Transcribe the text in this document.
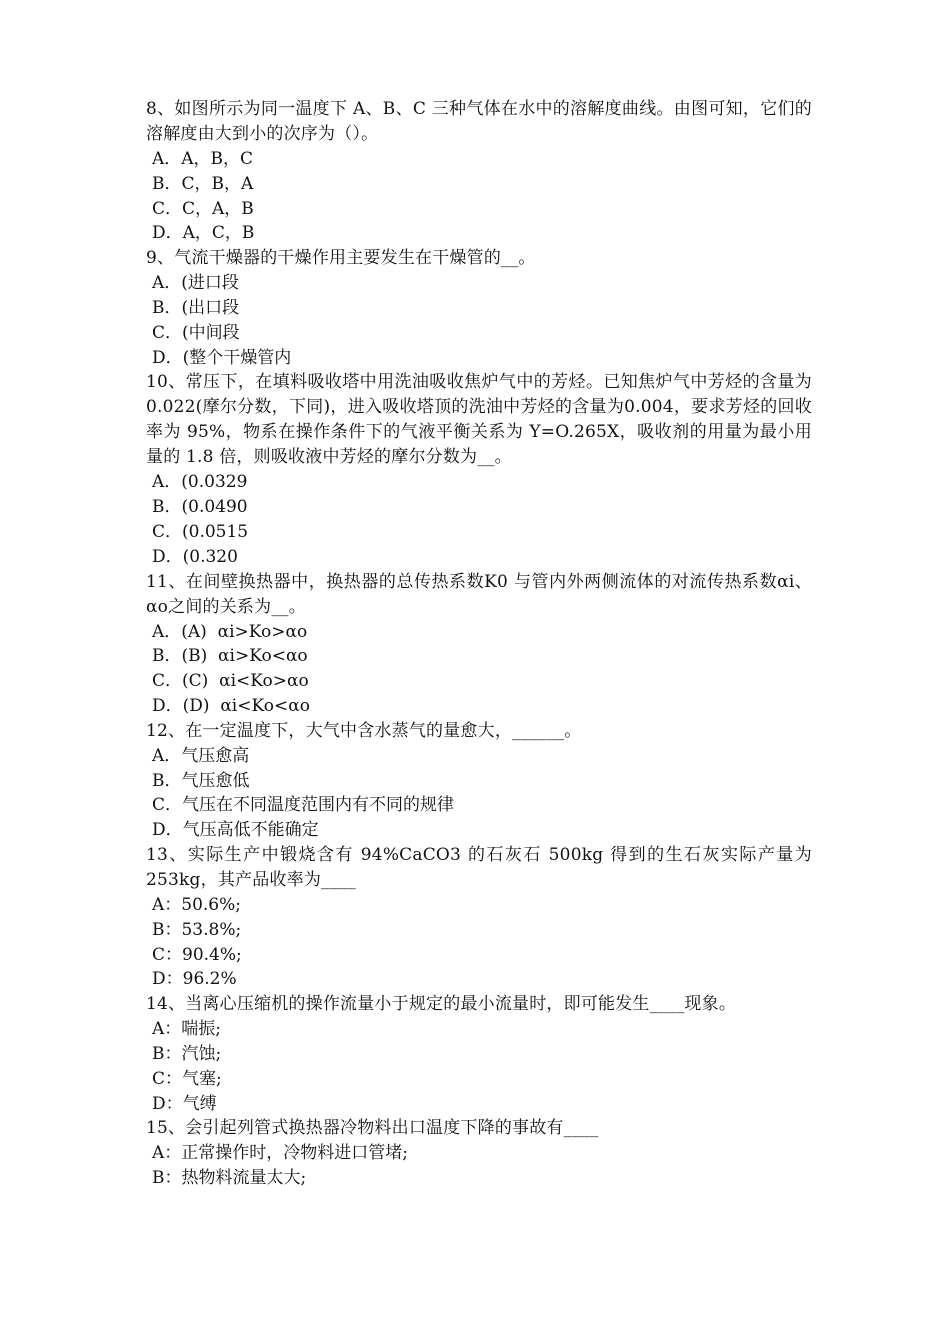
8、如图所示为同一温度下 A、B、C 三种气体在水中的溶解度曲线。由图可知，它们的溶解度由大到小的次序为（）。

A．A，B，C

B．C，B，A

C．C，A，B

D．A，C，B

9、气流干燥器的干燥作用主要发生在干燥管的__。

A．(进口段

B．(出口段

C．(中间段

D．(整个干燥管内

10、常压下，在填料吸收塔中用洗油吸收焦炉气中的芳烃。已知焦炉气中芳烃的含量为 0.022(摩尔分数，下同)，进入吸收塔顶的洗油中芳烃的含量为0.004，要求芳烃的回收率为 95%，物系在操作条件下的气液平衡关系为 Y=O.265X，吸收剂的用量为最小用量的 1.8 倍，则吸收液中芳烃的摩尔分数为__。

A．(0.0329

B．(0.0490

C．(0.0515

D．(0.320

11、在间壁换热器中，换热器的总传热系数K0 与管内外两侧流体的对流传热系数αi、αo之间的关系为__。

A．(A)  αi>Ko>αo

B．(B)  αi>Ko<αo

C．(C)  αi<Ko>αo

D．(D)  αi<Ko<αo

12、在一定温度下，大气中含水蒸气的量愈大，______。

A．气压愈高

B．气压愈低

C．气压在不同温度范围内有不同的规律

D．气压高低不能确定

13、实际生产中锻烧含有 94%CaCO3 的石灰石 500kg 得到的生石灰实际产量为253kg，其产品收率为____

A：50.6%;

B：53.8%;

C：90.4%;

D：96.2%

14、当离心压缩机的操作流量小于规定的最小流量时，即可能发生____现象。

A：喘振;

B：汽蚀;

C：气塞;

D：气缚

15、会引起列管式换热器冷物料出口温度下降的事故有____

A：正常操作时，冷物料进口管堵;

B：热物料流量太大;
